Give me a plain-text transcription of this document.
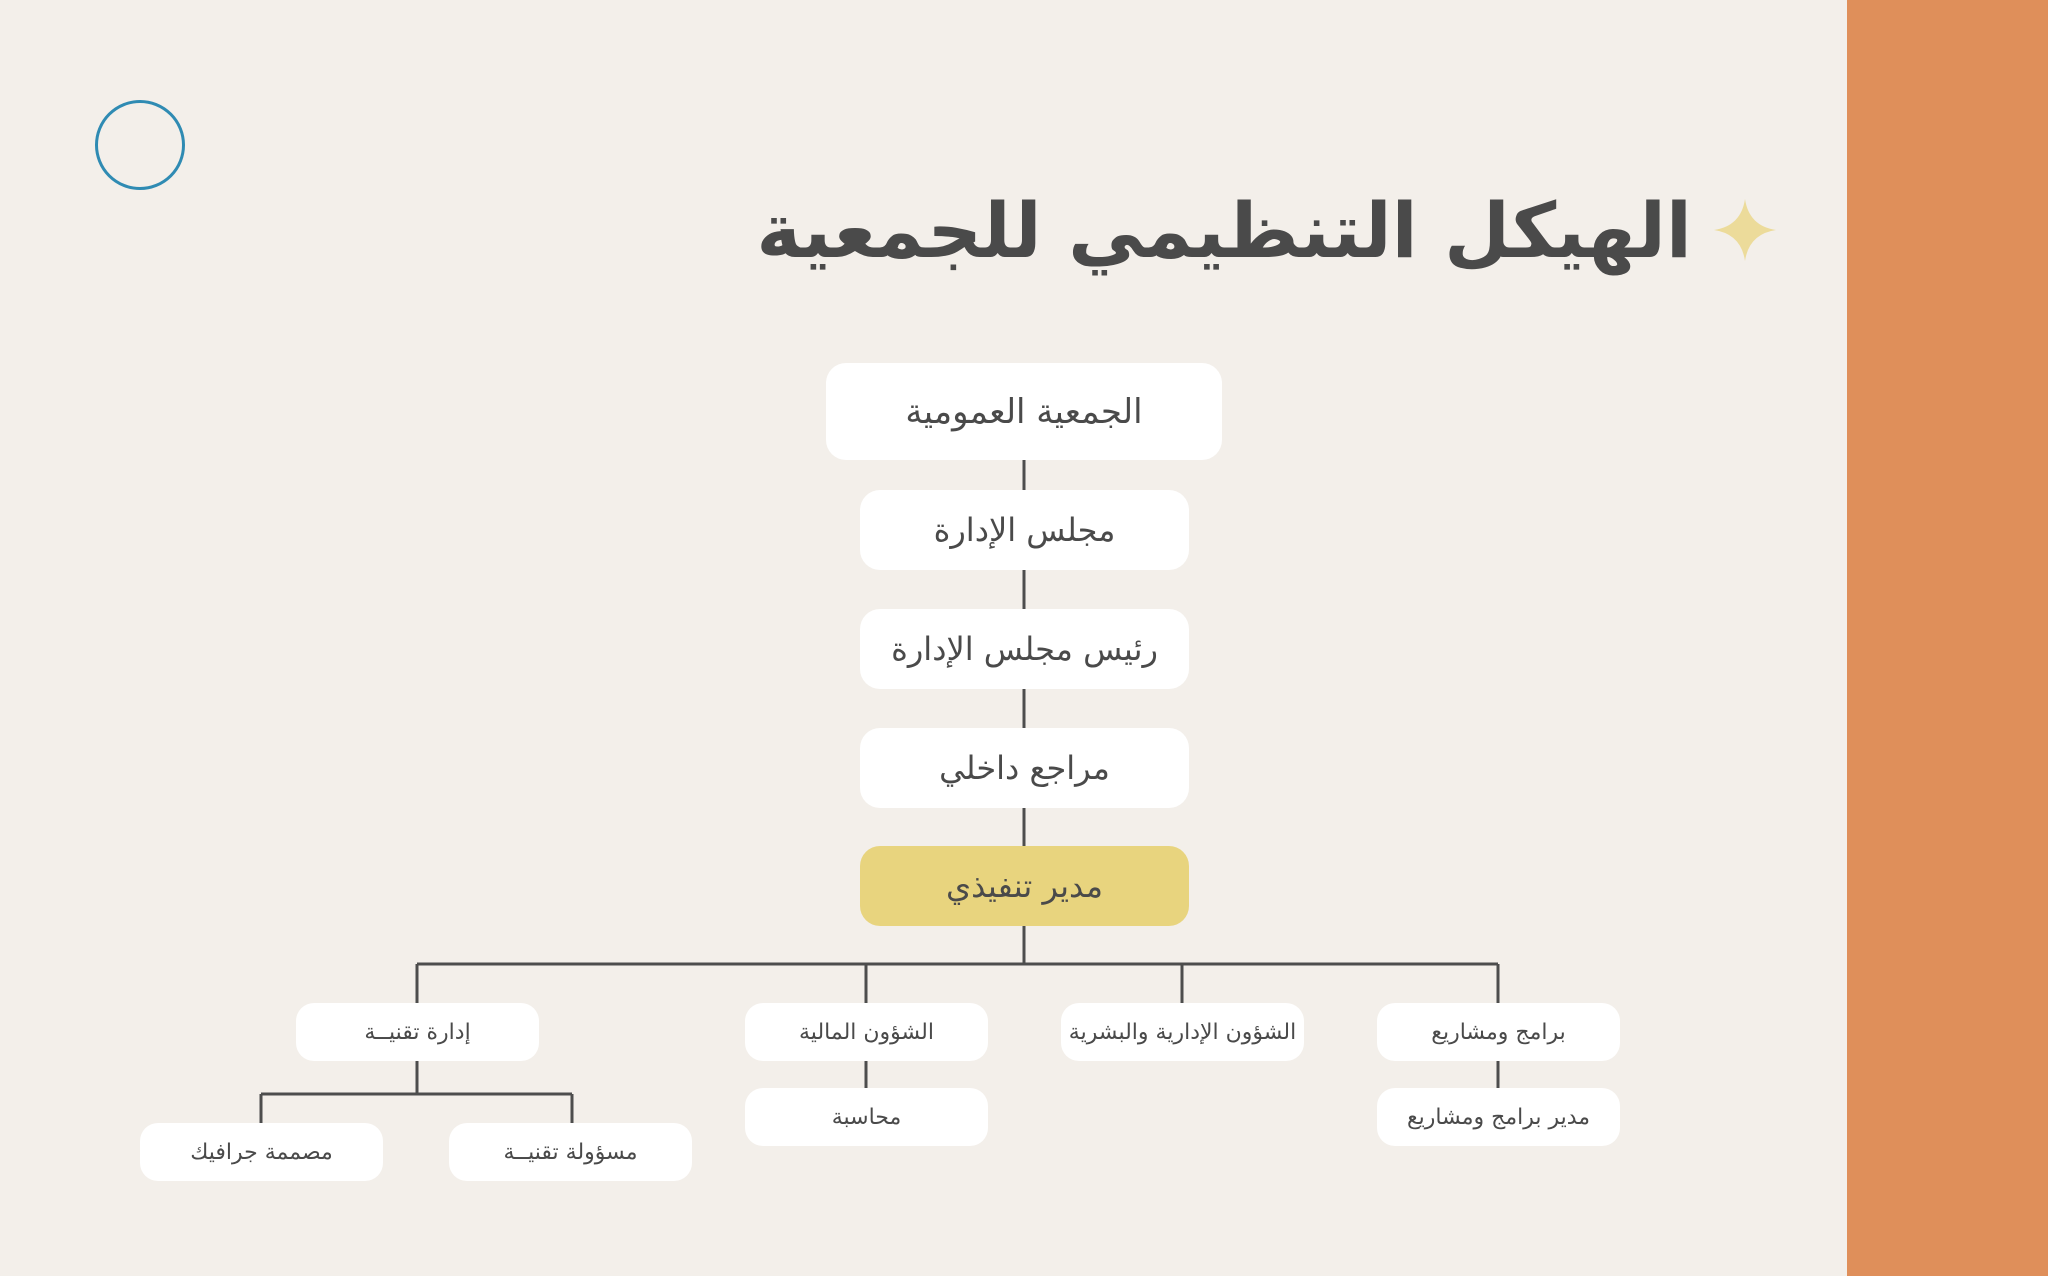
الهيكل التنظيمي للجمعية
الجمعية العمومية
مجلس الإدارة
رئيس مجلس الإدارة
مراجع داخلي
مدير تنفيذي
برامج ومشاريع
الشؤون الإدارية والبشرية
الشؤون المالية
إدارة تقنيــة
مدير برامج ومشاريع
محاسبة
مسؤولة تقنيــة
مصممة جرافيك
